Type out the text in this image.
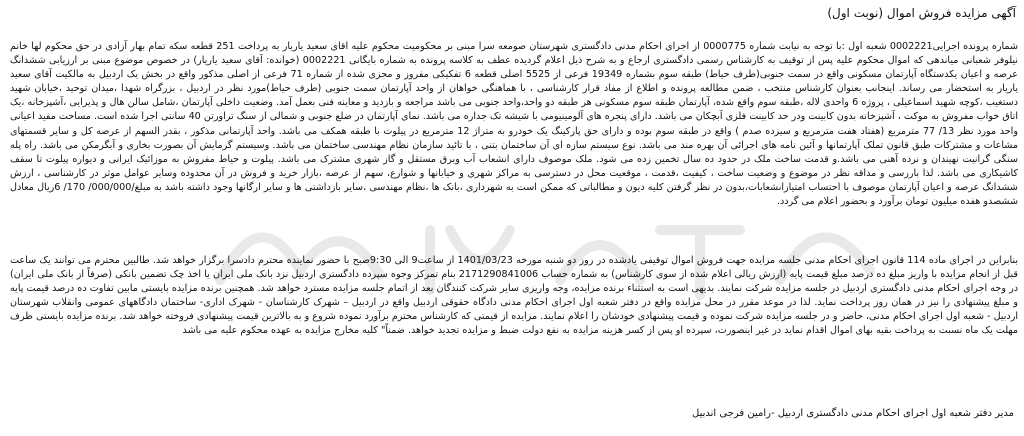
آگهی مزایده فروش اموال (نوبت اول)

شماره پرونده اجرایی0002221 شعبه اول :با توجه به نیابت شماره 0000775 از اجرای احکام مدنی دادگستری شهرستان صومعه سرا مبنی بر محکومیت محکوم علیه اقای سعید یاریار به پرداخت 251 قطعه سکه تمام بهار آزادی در حق محکوم لها خانم نیلوفر شعبانی میاندهی که اموال محکوم علیه پس از توقیف به کارشناس رسمی دادگستری ارجاع و به شرح ذیل اعلام گردیده عطف به کلاسه پرونده به شماره بایگانی 0002221 (خوانده: آقای سعید یاریار) در خصوص موضوع مبنی بر ارزیابی ششدانگ عرصه و اعیان یکدستگاه آپارتمان مسکونی واقع در سمت جنوبی(طرف حیاط) طبقه سوم بشماره 19349 فرعی از 5525 اصلی قطعه 6 تفکیکی مفروز و مجزی شده از شماره 71 فرعی از اصلی مذکور واقع در بخش یک اردبیل به مالکیت آقای سعید یاریار به استحضار می رساند. اینجانب بعنوان کارشناس منتخب ، ضمن مطالعه پرونده و اطلاع از مفاد قرار کارشناسی ، با هماهنگی خواهان از واحد آپارتمان سمت جنوبی (طرف حیاط)مورد نظر در اردبیل ، بزرگراه شهدا ،میدان توحید ،خیابان شهید دستغیب ،کوچه شهید اسماعیلی ، پروژه 6 واحدی لاله ،طبقه سوم واقع شده، آپارتمان طبقه سوم مسکونی هر طبقه دو واحد،واحد جنوبی می باشد مراجعه و بازدید و معاینه فنی بعمل آمد. وضعیت داخلی آپارتمان ،شامل سالن هال و پذیرایی ،آشپزخانه ،یک اتاق خواب مفروش به موکت ، آشپزخانه بدون کابینت ودر حد کابینت فلزی آبچکان می باشد. دارای پنجره های آلومینیومی با شیشه تک جداره می باشد. نمای آپارتمان در ضلع جنوبی و شمالی از سنگ تراورتن 40 سانتی اجرا شده است. مساحت مفید اعیانی واحد مورد نظر 13/ 77 مترمربع (هفتاد هفت مترمربع و سیزده صدم ) واقع در طبقه سوم بوده و دارای حق پارکینگ یک خودرو به متراژ 12 مترمربع در پیلوت با طبقه همکف می باشد. واحد آپارتمانی مذکور ، بقدر السهم از عرصه کل و سایر قسمتهای مشاعات و مشترکات طبق قانون تملک آپارتمانها و آئین نامه های اجرائی آن بهره مند می باشد. نوع سیستم سازه ای آن ساختمان بتنی ، با تائید سازمان نظام مهندسی ساختمان می باشد. وسیستم گرمایش آن بصورت بخاری و آبگرمکن می باشد. راه پله سنگی گرانیت نهیندان و نرده آهنی می باشد.و قدمت ساخت ملک در حدود ده سال تخمین زده می شود. ملک موصوف دارای انشعاب آب وبرق مستقل و گاز شهری مشترک می باشد. پیلوت و حیاط مفروش به موزائیک ایرانی و دیواره پیلوت تا سقف کاشیکاری می باشد. لذا باررسی و مداقه نظر در موضوع و وضعیت ساخت ، کیفیت ،قدمت ، موقعیت محل در دسترسی به مراکز شهری و خیابانها و شوارع، سهم از عرصه ،بازار خرید و فروش در آن محدوده وسایر عوامل موثر در کارشناسی ، ارزش ششدانگ عرصه و اعیان آپارتمان موصوف با احتساب امتیازانشعابات،بدون در نظر گرفتن کلیه دیون و مطالباتی که ممکن است به شهرداری ،بانک ها ،نظام مهندسی ،سایر بازداشتی ها و سایر ارگانها وجود داشته باشد به مبلغ/000/000/ 170/ 6ریال معادل ششصدو هفده میلیون تومان برآورد و بحضور اعلام می گردد.

بنابراین در اجرای ماده 114 قانون اجرای احکام مدنی جلسه مزایده جهت فروش اموال توقیفی یادشده در روز دو شنبه مورخه 1401/03/23 از ساعت9 الی 9:30صبح با حضور نماینده محترم دادسرا برگزار خواهد شد. طالبین محترم می توانند یک ساعت قبل از انجام مزایده با واریز مبلغ ده درصد مبلغ قیمت پایه (ارزش ریالی اعلام شده از سوی کارشناس) به شماره حساب 2171290841006 بنام تمرکز وجوه سپرده دادگستری اردبیل نزد بانک ملی ایران یا اخذ چک تضمین بانکی (صرفاً از بانک ملی ایران) در وجه اجرای احکام مدنی دادگستری اردبیل در جلسه مزایده شرکت نمایند. بدیهی است به استثناء برنده مزایده، وجه واریزی سایر شرکت کنندگان بعد از اتمام جلسه مزایده مسترد خواهد شد. همچنین برنده مزایده بایستی مابین تفاوت ده درصد قیمت پایه و مبلغ پیشنهادی را نیز در همان روز پرداخت نماید. لذا در موعد مقرر در محل مزایده واقع در دفتر شعبه اول اجرای احکام مدنی دادگاه حقوقی اردبیل واقع در اردبیل – شهرک کارشناسان - شهرک اداری- ساختمان دادگاههای عمومی وانقلاب شهرستان اردبیل - شعبه اول اجرای احکام مدنی، حاضر و در جلسه مزایده شرکت نموده و قیمت پیشنهادی خودشان را اعلام نمایند. مزایده از قیمتی که کارشناس محترم برآورد نموده شروع و به بالاترین قیمت پیشنهادی فروخته خواهد شد. برنده مزایده بایستی ظرف مهلت یک ماه نسبت به پرداخت بقیه بهای اموال اقدام نماید در غیر اینصورت، سپرده او پس از کسر هزینه مزایده به نفع دولت ضبط و مزایده تجدید خواهد. ضمناً" کلیه مخارج مزایده به عهده محکوم علیه می باشد

مدیر دفتر شعبه اول اجرای احکام مدنی دادگستری اردبیل -رامین فرجی اندبیل
